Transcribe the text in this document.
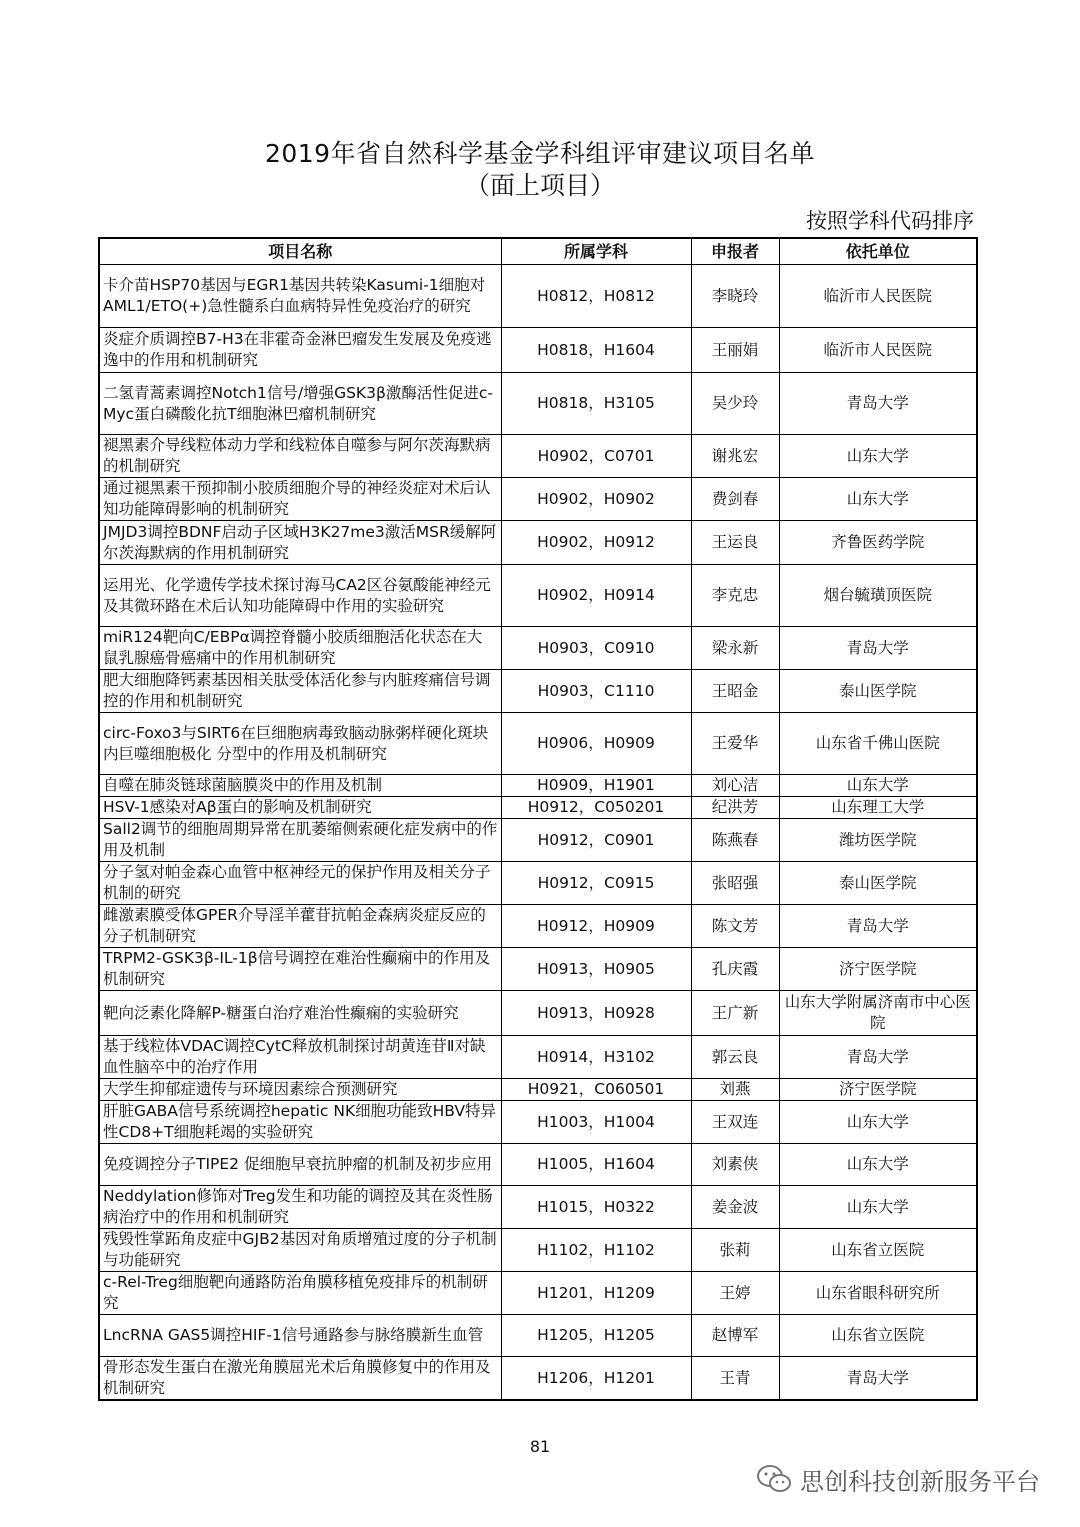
2019年省自然科学基金学科组评审建议项目名单
（面上项目）
按照学科代码排序
项目名称	所属学科	申报者	依托单位
卡介苗HSP70基因与EGR1基因共转染Kasumi-1细胞对AML1/ETO(+)急性髓系白血病特异性免疫治疗的研究	H0812，H0812	李晓玲	临沂市人民医院
炎症介质调控B7-H3在非霍奇金淋巴瘤发生发展及免疫逃逸中的作用和机制研究	H0818，H1604	王丽娟	临沂市人民医院
二氢青蒿素调控Notch1信号/增强GSK3β激酶活性促进c-Myc蛋白磷酸化抗T细胞淋巴瘤机制研究	H0818，H3105	吴少玲	青岛大学
褪黑素介导线粒体动力学和线粒体自噬参与阿尔茨海默病的机制研究	H0902，C0701	谢兆宏	山东大学
通过褪黑素干预抑制小胶质细胞介导的神经炎症对术后认知功能障碍影响的机制研究	H0902，H0902	费剑春	山东大学
JMJD3调控BDNF启动子区域H3K27me3激活MSR缓解阿尔茨海默病的作用机制研究	H0902，H0912	王运良	齐鲁医药学院
运用光、化学遗传学技术探讨海马CA2区谷氨酸能神经元及其微环路在术后认知功能障碍中作用的实验研究	H0902，H0914	李克忠	烟台毓璜顶医院
miR124靶向C/EBPα调控脊髓小胶质细胞活化状态在大鼠乳腺癌骨癌痛中的作用机制研究	H0903，C0910	梁永新	青岛大学
肥大细胞降钙素基因相关肽受体活化参与内脏疼痛信号调控的作用和机制研究	H0903，C1110	王昭金	泰山医学院
circ-Foxo3与SIRT6在巨细胞病毒致脑动脉粥样硬化斑块内巨噬细胞极化 分型中的作用及机制研究	H0906，H0909	王爱华	山东省千佛山医院
自噬在肺炎链球菌脑膜炎中的作用及机制	H0909，H1901	刘心洁	山东大学
HSV-1感染对Aβ蛋白的影响及机制研究	H0912，C050201	纪洪芳	山东理工大学
Sall2调节的细胞周期异常在肌萎缩侧索硬化症发病中的作用及机制	H0912，C0901	陈燕春	潍坊医学院
分子氢对帕金森心血管中枢神经元的保护作用及相关分子机制的研究	H0912，C0915	张昭强	泰山医学院
雌激素膜受体GPER介导淫羊藿苷抗帕金森病炎症反应的分子机制研究	H0912，H0909	陈文芳	青岛大学
TRPM2-GSK3β-IL-1β信号调控在难治性癫痫中的作用及机制研究	H0913，H0905	孔庆霞	济宁医学院
靶向泛素化降解P-糖蛋白治疗难治性癫痫的实验研究	H0913，H0928	王广新	山东大学附属济南市中心医院
基于线粒体VDAC调控CytC释放机制探讨胡黄连苷Ⅱ对缺血性脑卒中的治疗作用	H0914，H3102	郭云良	青岛大学
大学生抑郁症遗传与环境因素综合预测研究	H0921，C060501	刘燕	济宁医学院
肝脏GABA信号系统调控hepatic NK细胞功能致HBV特异性CD8+T细胞耗竭的实验研究	H1003，H1004	王双连	山东大学
免疫调控分子TIPE2 促细胞早衰抗肿瘤的机制及初步应用	H1005，H1604	刘素侠	山东大学
Neddylation修饰对Treg发生和功能的调控及其在炎性肠病治疗中的作用和机制研究	H1015，H0322	姜金波	山东大学
残毁性掌跖角皮症中GJB2基因对角质增殖过度的分子机制与功能研究	H1102，H1102	张莉	山东省立医院
c-Rel-Treg细胞靶向通路防治角膜移植免疫排斥的机制研究	H1201，H1209	王婷	山东省眼科研究所
LncRNA GAS5调控HIF-1信号通路参与脉络膜新生血管	H1205，H1205	赵博军	山东省立医院
骨形态发生蛋白在激光角膜屈光术后角膜修复中的作用及机制研究	H1206，H1201	王青	青岛大学
81
思创科技创新服务平台
